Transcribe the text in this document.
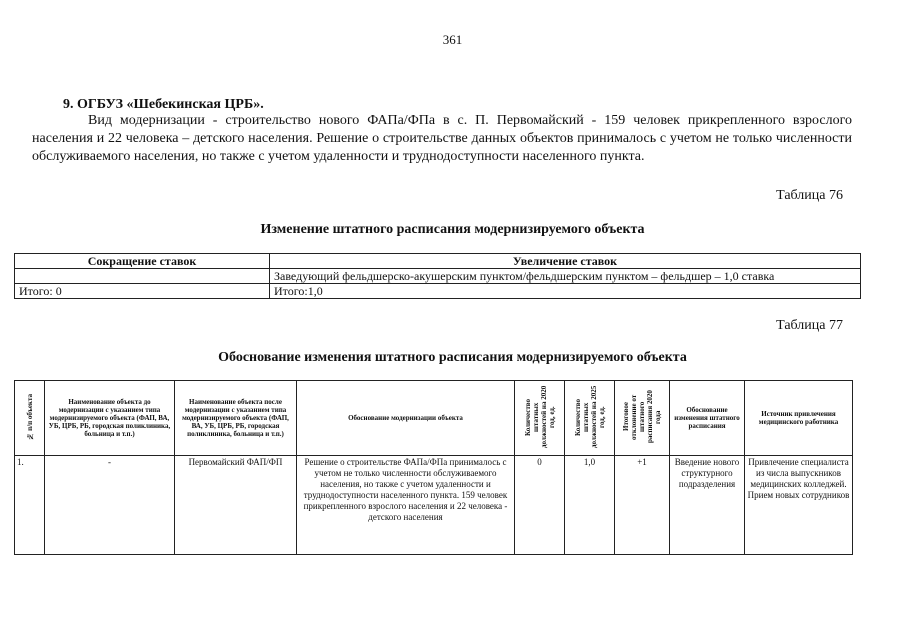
361
9. ОГБУЗ «Шебекинская ЦРБ».
Вид модернизации - строительство нового ФАПа/ФПа в с. П. Первомайский - 159 человек прикрепленного взрослого населения и 22 человека – детского населения. Решение о строительстве данных объектов принималось с учетом не только численности обслуживаемого населения, но также с учетом удаленности и труднодоступности населенного пункта.
Таблица 76
Изменение штатного расписания модернизируемого объекта
Сокращение ставок	Увеличение ставок
	Заведующий фельдшерско-акушерским пунктом/фельдшерским пунктом – фельдшер – 1,0 ставка
Итого: 0	Итого:1,0
Таблица 77
Обоснование изменения штатного расписания модернизируемого объекта
№ п/п объекта	Наименование объекта до модернизации с указанием типа модернизируемого объекта (ФАП, ВА, УБ, ЦРБ, РБ, городская поликлиника, больница и т.п.)	Наименование объекта после модернизации с указанием типа модернизируемого объекта (ФАП, ВА, УБ, ЦРБ, РБ, городская поликлиника, больница и т.п.)	Обоснование модернизации объекта	Количество штатных должностей на 2020 год, ед.	Количество штатных должностей на 2025 год, ед.	Итоговое отклонение от штатного расписания 2020 года	Обоснование изменения штатного расписания	Источник привлечения медицинского работника
1.	-	Первомайский ФАП/ФП	Решение о строительстве ФАПа/ФПа принималось с учетом не только численности обслуживаемого населения, но также с учетом удаленности и труднодоступности населенного пункта. 159 человек прикрепленного взрослого населения и 22 человека - детского населения	0	1,0	+1	Введение нового структурного подразделения	Привлечение специалиста из числа выпускников медицинских колледжей. Прием новых сотрудников
